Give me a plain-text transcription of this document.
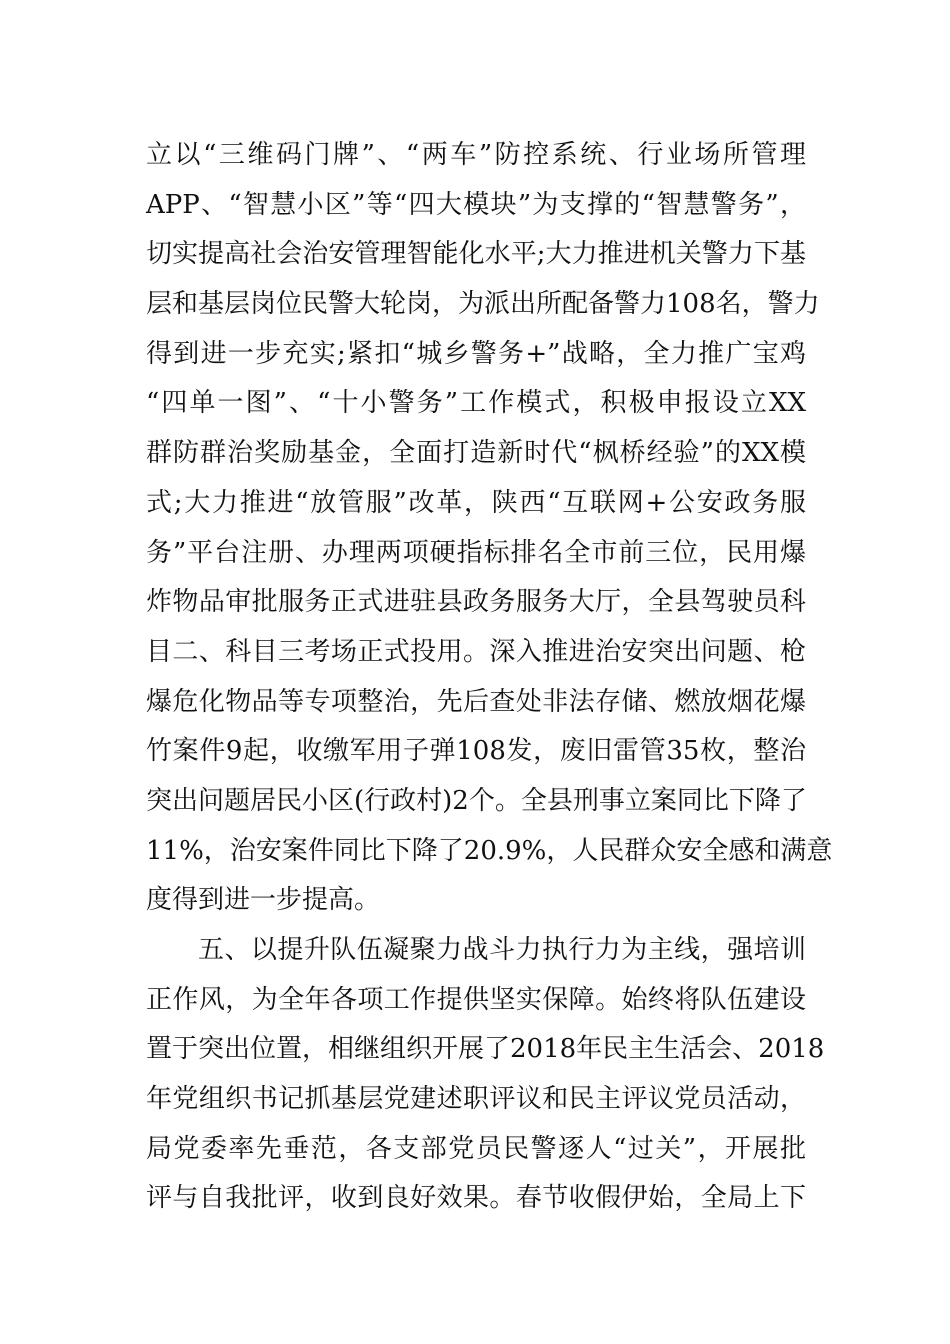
立以“三维码门牌”、“两车”防控系统、行业场所管理
APP、“智慧小区”等“四大模块”为支撑的“智慧警务”，
切实提高社会治安管理智能化水平;大力推进机关警力下基
层和基层岗位民警大轮岗，为派出所配备警力108名，警力
得到进一步充实;紧扣“城乡警务+”战略，全力推广宝鸡
“四单一图”、“十小警务”工作模式，积极申报设立XX
群防群治奖励基金，全面打造新时代“枫桥经验”的XX模
式;大力推进“放管服”改革，陕西“互联网+公安政务服
务”平台注册、办理两项硬指标排名全市前三位，民用爆
炸物品审批服务正式进驻县政务服务大厅，全县驾驶员科
目二、科目三考场正式投用。深入推进治安突出问题、枪
爆危化物品等专项整治，先后查处非法存储、燃放烟花爆
竹案件9起，收缴军用子弹108发，废旧雷管35枚，整治
突出问题居民小区(行政村)2个。全县刑事立案同比下降了
11%，治安案件同比下降了20.9%，人民群众安全感和满意
度得到进一步提高。
五、以提升队伍凝聚力战斗力执行力为主线，强培训
正作风，为全年各项工作提供坚实保障。始终将队伍建设
置于突出位置，相继组织开展了2018年民主生活会、2018
年党组织书记抓基层党建述职评议和民主评议党员活动，
局党委率先垂范，各支部党员民警逐人“过关”，开展批
评与自我批评，收到良好效果。春节收假伊始，全局上下
